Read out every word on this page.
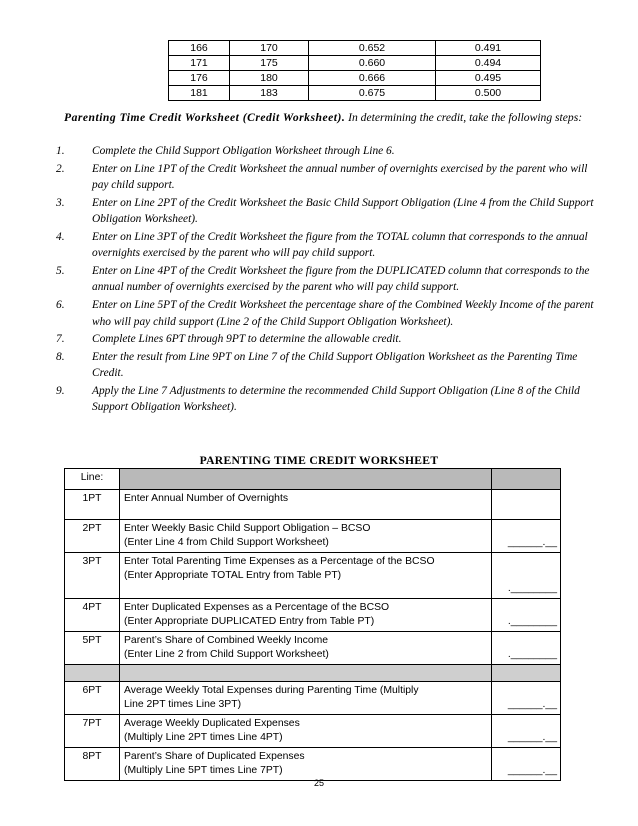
166	170	0.652	0.491
171	175	0.660	0.494
176	180	0.666	0.495
181	183	0.675	0.500
Parenting Time Credit Worksheet (Credit Worksheet). In determining the credit, take the following steps:
1.	Complete the Child Support Obligation Worksheet through Line 6.
2.	Enter on Line 1PT of the Credit Worksheet the annual number of overnights exercised by the parent who will pay child support.
3.	Enter on Line 2PT of the Credit Worksheet the Basic Child Support Obligation (Line 4 from the Child Support Obligation Worksheet).
4.	Enter on Line 3PT of the Credit Worksheet the figure from the TOTAL column that corresponds to the annual overnights exercised by the parent who will pay child support.
5.	Enter on Line 4PT of the Credit Worksheet the figure from the DUPLICATED column that corresponds to the annual number of overnights exercised by the parent who will pay child support.
6.	Enter on Line 5PT of the Credit Worksheet the percentage share of the Combined Weekly Income of the parent who will pay child support (Line 2 of the Child Support Obligation Worksheet).
7.	Complete Lines 6PT through 9PT to determine the allowable credit.
8.	Enter the result from Line 9PT on Line 7 of the Child Support Obligation Worksheet as the Parenting Time Credit.
9.	Apply the Line 7 Adjustments to determine the recommended Child Support Obligation (Line 8 of the Child Support Obligation Worksheet).
PARENTING TIME CREDIT WORKSHEET
Line:		
1PT	Enter Annual Number of Overnights	

2PT	Enter Weekly Basic Child Support Obligation – BCSO
(Enter Line 4 from Child Support Worksheet)	______.__
3PT	Enter Total Parenting Time Expenses as a Percentage of the BCSO
(Enter Appropriate TOTAL Entry from Table PT)	.________
4PT	Enter Duplicated Expenses as a Percentage of the BCSO
(Enter Appropriate DUPLICATED Entry from Table PT)	.________
5PT	Parent’s Share of Combined Weekly Income
(Enter Line 2 from Child Support Worksheet)	.________

6PT	Average Weekly Total Expenses during Parenting Time (Multiply
Line 2PT times Line 3PT)	______.__
7PT	Average Weekly Duplicated Expenses
(Multiply Line 2PT times Line 4PT)	______.__
8PT	Parent’s Share of Duplicated Expenses
(Multiply Line 5PT times Line 7PT)	______.__
25
